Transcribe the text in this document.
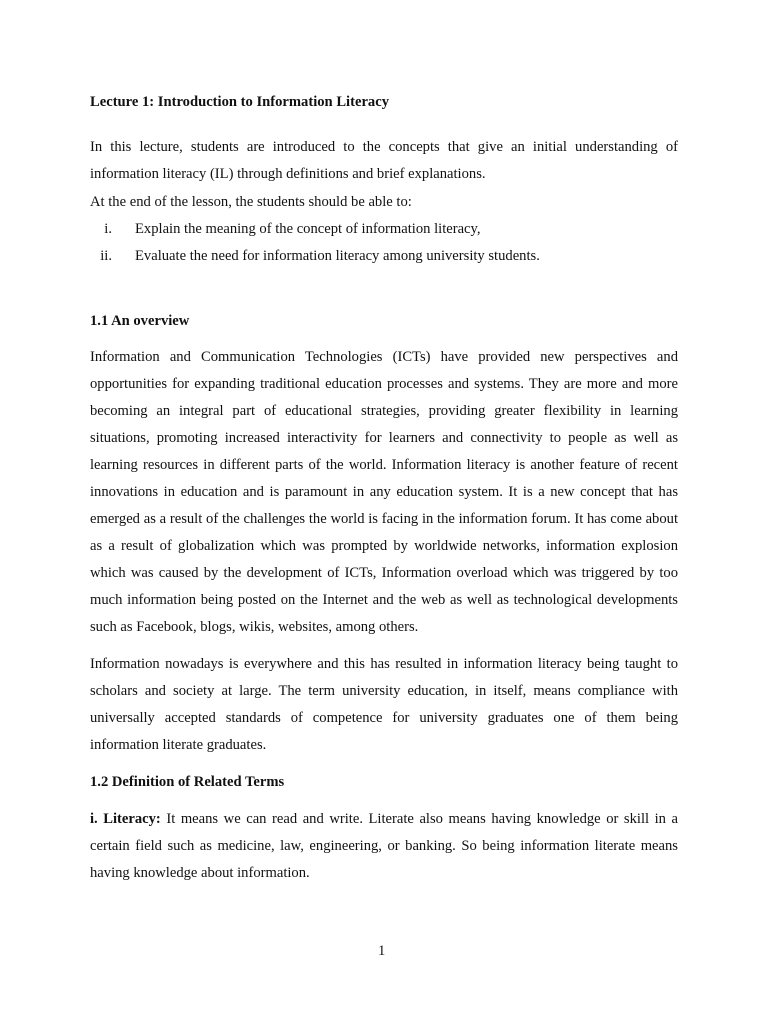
Lecture 1: Introduction to Information Literacy
In this lecture, students are introduced to the concepts that give an initial understanding of information literacy (IL) through definitions and brief explanations.
At the end of the lesson, the students should be able to:
i. Explain the meaning of the concept of information literacy,
ii. Evaluate the need for information literacy among university students.
1.1 An overview
Information and Communication Technologies (ICTs) have provided new perspectives and opportunities for expanding traditional education processes and systems. They are more and more becoming an integral part of educational strategies, providing greater flexibility in learning situations, promoting increased interactivity for learners and connectivity to people as well as learning resources in different parts of the world. Information literacy is another feature of recent innovations in education and is paramount in any education system. It is a new concept that has emerged as a result of the challenges the world is facing in the information forum. It has come about as a result of globalization which was prompted by worldwide networks, information explosion which was caused by the development of ICTs, Information overload which was triggered by too much information being posted on the Internet and the web as well as technological developments such as Facebook, blogs, wikis, websites, among others.
Information nowadays is everywhere and this has resulted in information literacy being taught to scholars and society at large. The term university education, in itself, means compliance with universally accepted standards of competence for university graduates one of them being information literate graduates.
1.2 Definition of Related Terms
i. Literacy: It means we can read and write. Literate also means having knowledge or skill in a certain field such as medicine, law, engineering, or banking. So being information literate means having knowledge about information.
1
